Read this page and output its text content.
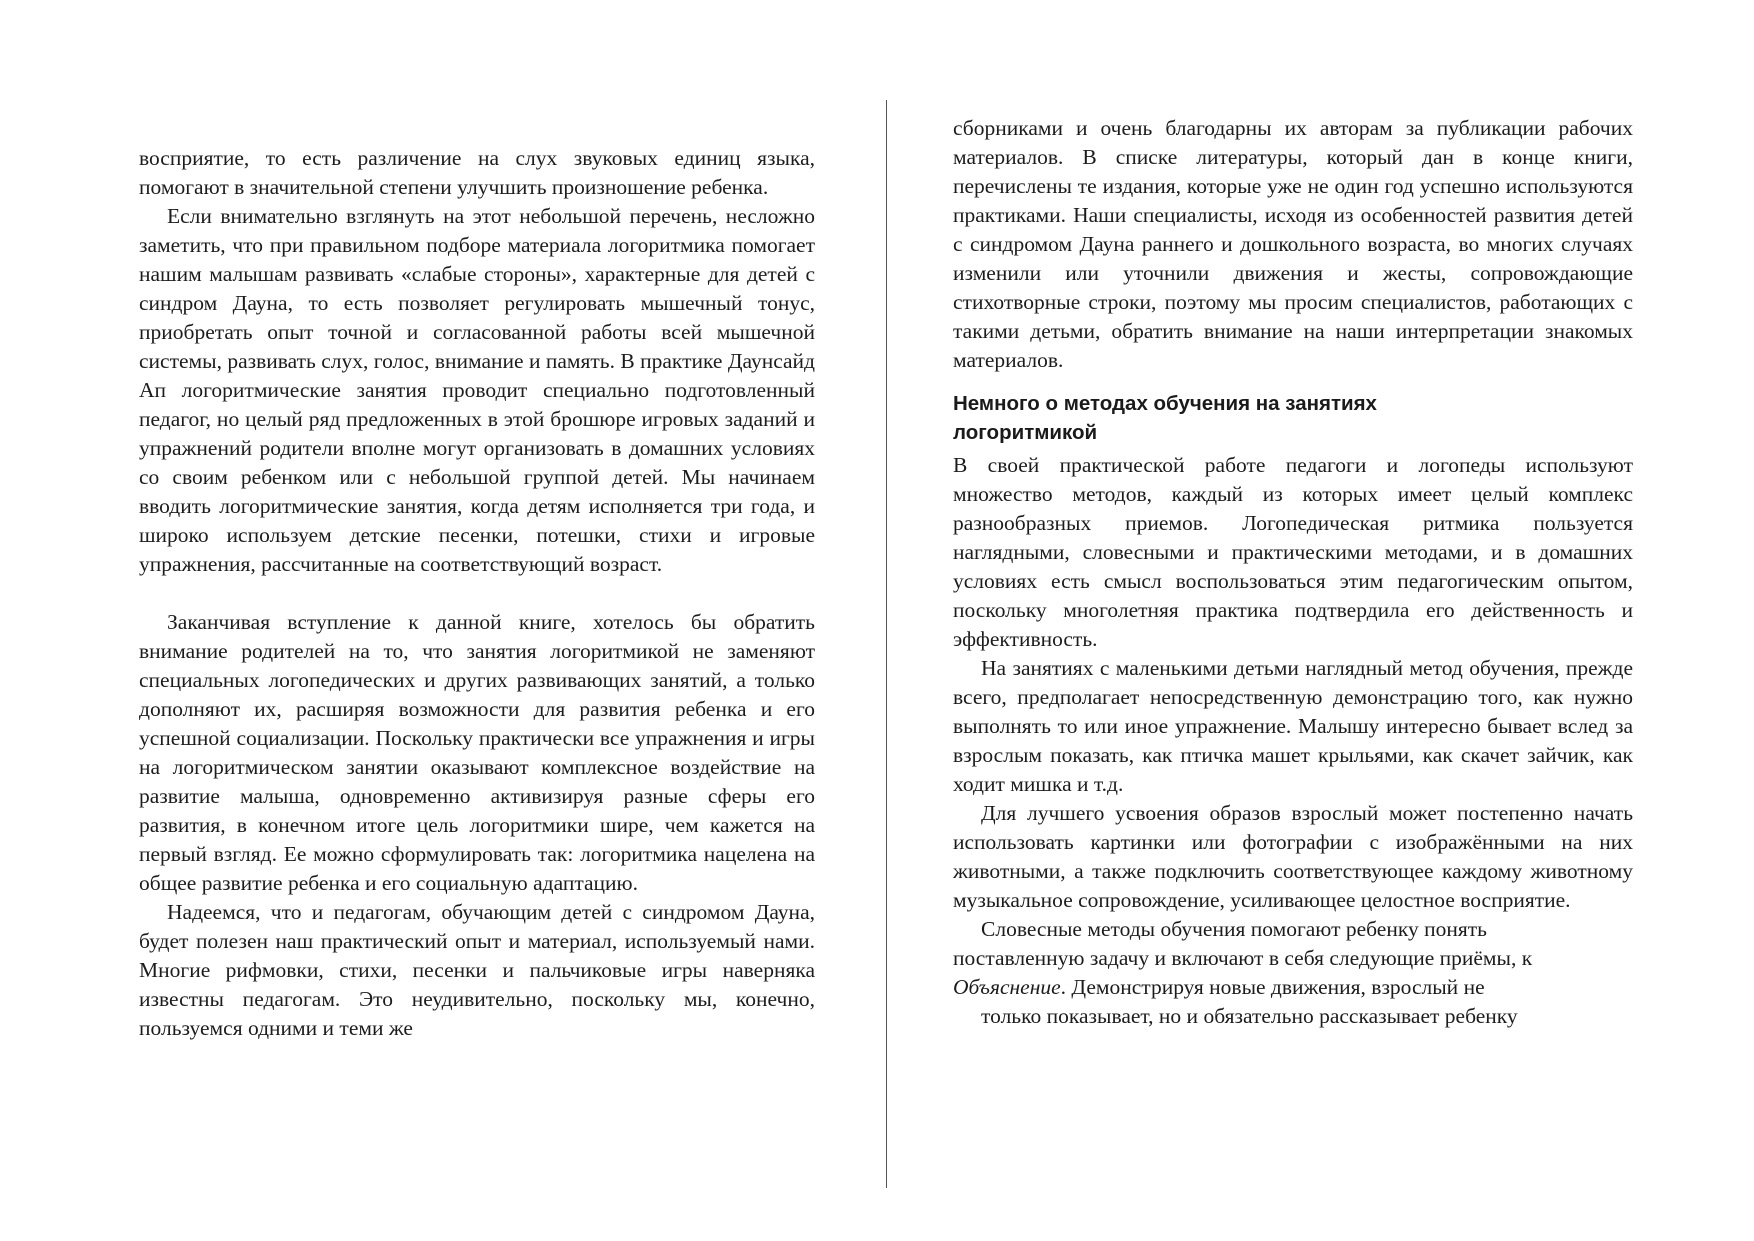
восприятие, то есть различение на слух звуковых единиц языка, помогают в значительной степени улучшить произношение ребенка.

Если внимательно взглянуть на этот небольшой перечень, несложно заметить, что при правильном подборе материала логоритмика помогает нашим малышам развивать «слабые стороны», характерные для детей с синдром Дауна, то есть позволяет регулировать мышечный тонус, приобретать опыт точной и согласованной работы всей мышечной системы, развивать слух, голос, внимание и память. В практике Даунсайд Ап логоритмические занятия проводит специально подготовленный педагог, но целый ряд предложенных в этой брошюре игровых заданий и упражнений родители вполне могут организовать в домашних условиях со своим ребенком или с небольшой группой детей. Мы начинаем вводить логоритмические занятия, когда детям исполняется три года, и широко используем детские песенки, потешки, стихи и игровые упражнения, рассчитанные на соответствующий возраст.

Заканчивая вступление к данной книге, хотелось бы обратить внимание родителей на то, что занятия логоритмикой не заменяют специальных логопедических и других развивающих занятий, а только дополняют их, расширяя возможности для развития ребенка и его успешной социализации. Поскольку практически все упражнения и игры на логоритмическом занятии оказывают комплексное воздействие на развитие малыша, одновременно активизируя разные сферы его развития, в конечном итоге цель логоритмики шире, чем кажется на первый взгляд. Ее можно сформулировать так: логоритмика нацелена на общее развитие ребенка и его социальную адаптацию.

Надеемся, что и педагогам, обучающим детей с синдромом Дауна, будет полезен наш практический опыт и материал, используемый нами. Многие рифмовки, стихи, песенки и пальчиковые игры наверняка известны педагогам. Это неудивительно, поскольку мы, конечно, пользуемся одними и теми же

сборниками и очень благодарны их авторам за публикации рабочих материалов. В списке литературы, который дан в конце книги, перечислены те издания, которые уже не один год успешно используются практиками. Наши специалисты, исходя из особенностей развития детей с синдромом Дауна раннего и дошкольного возраста, во многих случаях изменили или уточнили движения и жесты, сопровождающие стихотворные строки, поэтому мы просим специалистов, работающих с такими детьми, обратить внимание на наши интерпретации знакомых материалов.

Немного о методах обучения на занятиях логоритмикой

В своей практической работе педагоги и логопеды используют множество методов, каждый из которых имеет целый комплекс разнообразных приемов. Логопедическая ритмика пользуется наглядными, словесными и практическими методами, и в домашних условиях есть смысл воспользоваться этим педагогическим опытом, поскольку многолетняя практика подтвердила его действенность и эффективность.

На занятиях с маленькими детьми наглядный метод обучения, прежде всего, предполагает непосредственную демонстрацию того, как нужно выполнять то или иное упражнение. Малышу интересно бывает вслед за взрослым показать, как птичка машет крыльями, как скачет зайчик, как ходит мишка и т.д.

Для лучшего усвоения образов взрослый может постепенно начать использовать картинки или фотографии с изображёнными на них животными, а также подключить соответствующее каждому животному музыкальное сопровождение, усиливающее целостное восприятие.

Словесные методы обучения помогают ребенку понять
поставленную задачу и включают в себя следующие приёмы, к
Объяснение. Демонстрируя новые движения, взрослый не
только показывает, но и обязательно рассказывает ребенку
